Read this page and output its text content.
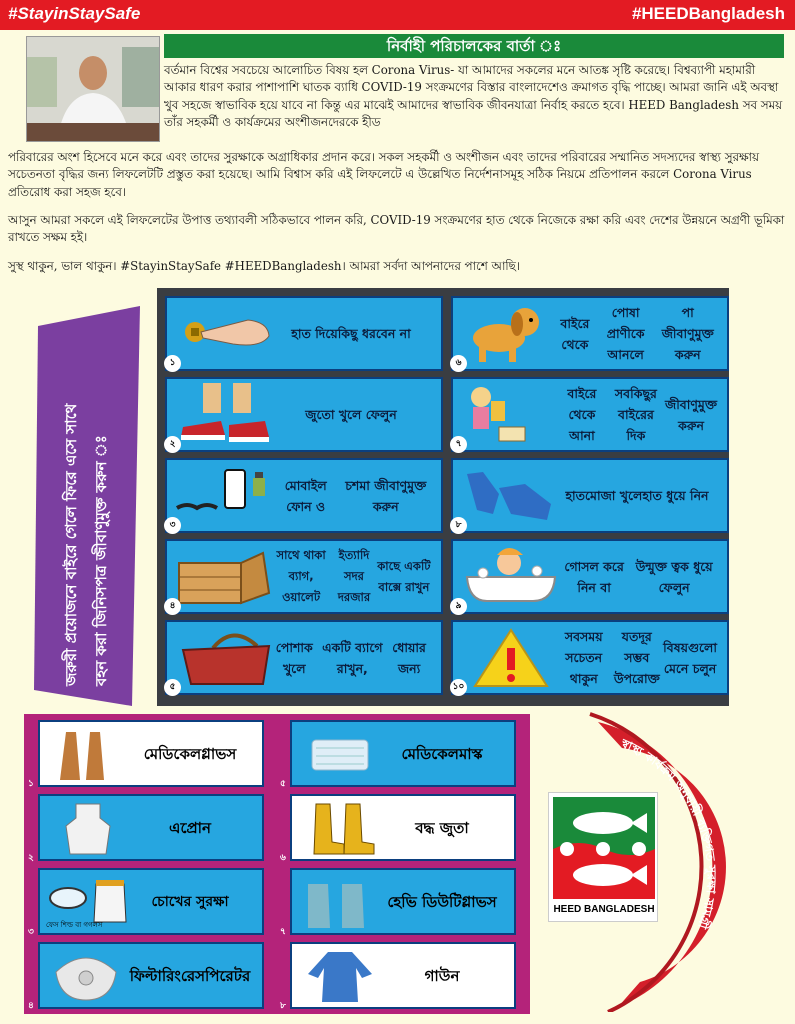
#StayinStaySafe	#HEEDBangladesh
নির্বাহী পরিচালকের বার্তা ঃ

বর্তমান বিশ্বের সবচেয়ে আলোচিত বিষয় হল Corona Virus- যা আমাদের সকলের মনে আতঙ্ক সৃষ্টি করেছে। বিশ্বব্যাপী মহামারী আকার ধারণ করার পাশাপাশি ঘাতক ব্যাধি COVID-19 সংক্রমণের বিস্তার বাংলাদেশেও ক্রমাগত বৃদ্ধি পাচ্ছে। আমরা জানি এই অবস্থা খুব সহজে স্বাভাবিক হয়ে যাবে না কিন্তু এর মাঝেই আমাদের স্বাভাবিক জীবনযাত্রা নির্বাহ করতে হবে। HEED Bangladesh সব সময় তাঁর সহকর্মী ও কার্যক্রমের অংশীজনদেরকে হীড

পরিবারের অংশ হিসেবে মনে করে এবং তাদের সুরক্ষাকে অগ্রাধিকার প্রদান করে। সকল সহকর্মী ও অংশীজন এবং তাদের পরিবারের সম্মানিত সদস্যদের স্বাস্থ্য সুরক্ষায় সচেতনতা বৃদ্ধির জন্য লিফলেটটি প্রস্তুত করা হয়েছে। আমি বিশ্বাস করি এই লিফলেটে এ উল্লেখিত নির্দেশনাসমূহ সঠিক নিয়মে প্রতিপালন করলে Corona Virus প্রতিরোধ করা সহজ হবে।

আসুন আমরা সকলে এই লিফলেটের উপাত্ত তথ্যাবলী সঠিকভাবে পালন করি, COVID-19 সংক্রমণের হাত থেকে নিজেকে রক্ষা করি এবং দেশের উন্নয়নে অগ্রণী ভূমিকা রাখতে সক্ষম হই।

সুস্থ থাকুন, ভাল থাকুন। #StayinStaySafe #HEEDBangladesh। আমরা সর্বদা আপনাদের পাশে আছি।

জরুরী প্রয়োজনে বাইরে গেলে ফিরে এসে সাথে বহন করা জিনিসপত্র জীবাণুমুক্ত করুন ঃ
হাত দিয়ে কিছু ধরবেন না
১
জুতো খুলে ফেলুন
২
মোবাইল ফোন ও

চশমা জীবাণুমুক্ত করুন
৩
সাথে থাকা ব্যাগ, ওয়ালেট

ইত্যাদি সদর দরজার

কাছে একটি বাক্সে রাখুন
৪
পোশাক খুলে

একটি ব্যাগে রাখুন,

ধোয়ার জন্য
৫
বাইরে থেকে

পোষা প্রাণীকে আনলে

পা জীবাণুমুক্ত করুন
৬
বাইরে থেকে আনা

সবকিছুর বাইরের দিক

জীবাণুমুক্ত করুন
৭
হাতমোজা খুলে হাত ধুয়ে নিন
৮
গোসল করে নিন বা

উন্মুক্ত ত্বক ধুয়ে ফেলুন
৯
সবসময় সচেতন থাকুন

যতদূর সম্ভব উপরোক্ত

বিষয়গুলো মেনে চলুন
১০
মেডিকেল গ্লাভস
এপ্রোন
চোখের সুরক্ষা
ফেস শিল্ড বা গগলস
ফিল্টারিং রেসপিরেটর
মেডিকেল মাস্ক
বদ্ধ জুতা
হেভি ডিউটি গ্লাভস
গাউন
১
২
৩
৪
৫
৬
৭
৮
স্বাস্থ্য কার্যক্রম অনুযায়ী ব্যক্তিগত সুরক্ষা সামগ্রী
HEED BANGLADESH
